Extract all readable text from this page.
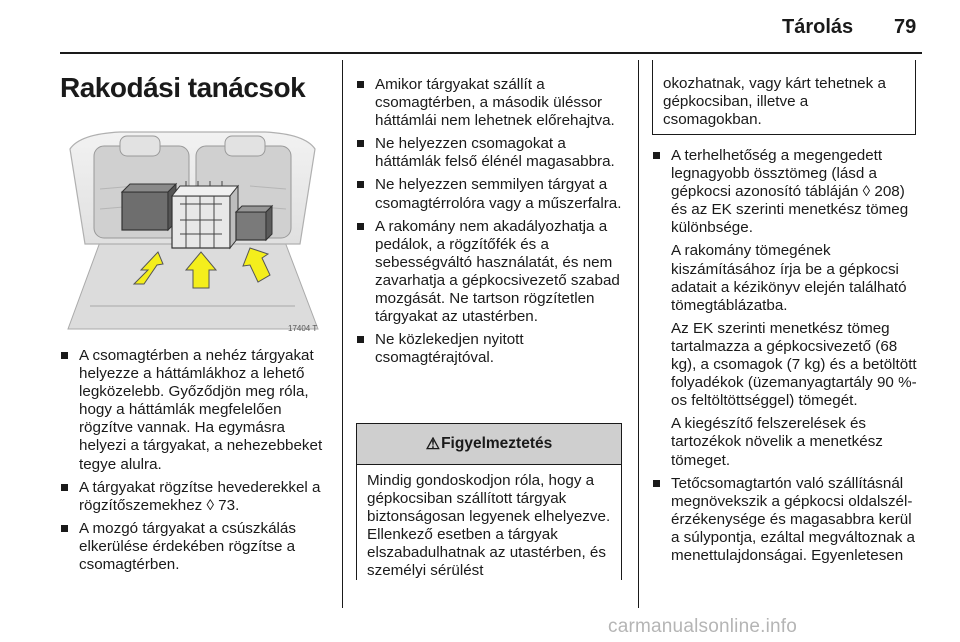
Tárolás 79
Rakodási tanácsok
17404 T
A csomagtérben a nehéz tárgyakat helyezze a háttámlákhoz a lehető legközelebb. Győződjön meg róla, hogy a háttámlák megfelelően rögzítve vannak. Ha egymásra helyezi a tárgyakat, a nehezebbeket tegye alulra.
A tárgyakat rögzítse hevederekkel a rögzítőszemekhez ◊ 73.
A mozgó tárgyakat a csúszkálás elkerülése érdekében rögzítse a csomagtérben.
Amikor tárgyakat szállít a csomagtérben, a második üléssor háttámlái nem lehetnek előrehajtva.
Ne helyezzen csomagokat a háttámlák felső élénél magasabbra.
Ne helyezzen semmilyen tárgyat a csomagtérrolóra vagy a műszerfalra.
A rakomány nem akadályozhatja a pedálok, a rögzítőfék és a sebességváltó használatát, és nem zavarhatja a gépkocsivezető szabad mozgását. Ne tartson rögzítetlen tárgyakat az utastérben.
Ne közlekedjen nyitott csomagtérajtóval.
⚠ Figyelmeztetés
Mindig gondoskodjon róla, hogy a gépkocsiban szállított tárgyak biztonságosan legyenek elhelyezve. Ellenkező esetben a tárgyak elszabadulhatnak az utastérben, és személyi sérülést
okozhatnak, vagy kárt tehetnek a gépkocsiban, illetve a csomagokban.
A terhelhetőség a megengedett legnagyobb össztömeg (lásd a gépkocsi azonosító tábláján ◊ 208) és az EK szerinti menetkész tömeg különbsége.
A rakomány tömegének kiszámításához írja be a gépkocsi adatait a kézikönyv elején található tömegtáblázatba.
Az EK szerinti menetkész tömeg tartalmazza a gépkocsivezető (68 kg), a csomagok (7 kg) és a betöltött folyadékok (üzemanyagtartály 90 %-os feltöltöttséggel) tömegét.
A kiegészítő felszerelések és tartozékok növelik a menetkész tömeget.
Tetőcsomagtartón való szállításnál megnövekszik a gépkocsi oldalszél-érzékenysége és magasabbra kerül a súlypontja, ezáltal megváltoznak a menettulajdonságai. Egyenletesen
carmanualsonline.info
